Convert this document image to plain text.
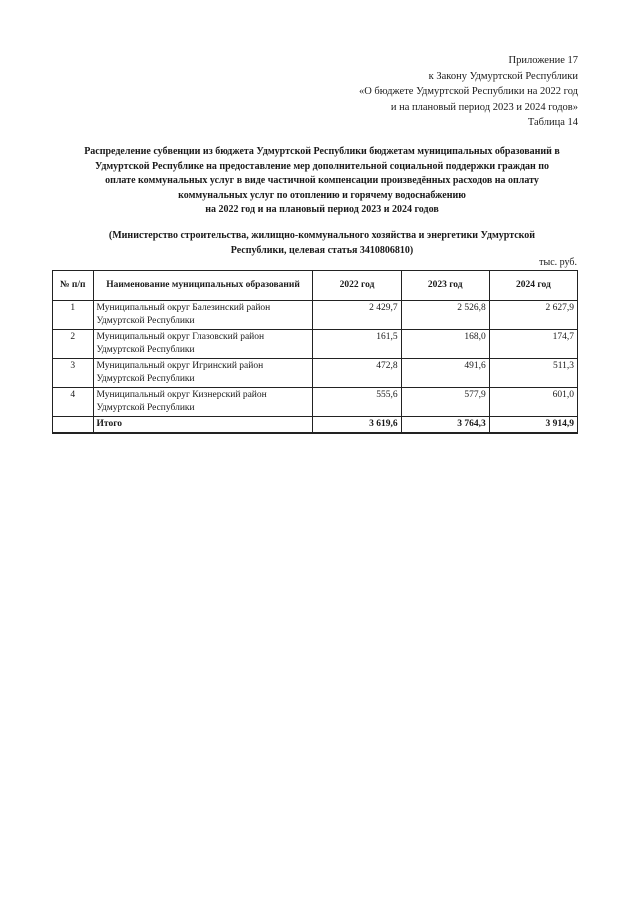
Приложение 17
к Закону Удмуртской Республики
«О бюджете Удмуртской Республики на 2022 год
и на плановый период 2023 и 2024 годов»
Таблица 14
Распределение субвенции из бюджета Удмуртской Республики бюджетам муниципальных образований в
Удмуртской Республике на предоставление мер дополнительной социальной поддержки граждан по
оплате коммунальных услуг в виде частичной компенсации произведённых расходов на оплату
коммунальных услуг по отоплению и горячему водоснабжению
на 2022 год и на плановый период 2023 и 2024 годов
(Министерство строительства, жилищно-коммунального хозяйства и энергетики Удмуртской
Республики, целевая статья 3410806810)
тыс. руб.
№ п/п	Наименование муниципальных образований	2022 год	2023 год	2024 год
1	Муниципальный округ Балезинский район Удмуртской Республики	2 429,7	2 526,8	2 627,9
2	Муниципальный округ Глазовский район Удмуртской Республики	161,5	168,0	174,7
3	Муниципальный округ Игринский район Удмуртской Республики	472,8	491,6	511,3
4	Муниципальный округ Кизнерский район Удмуртской Республики	555,6	577,9	601,0
	Итого	3 619,6	3 764,3	3 914,9
